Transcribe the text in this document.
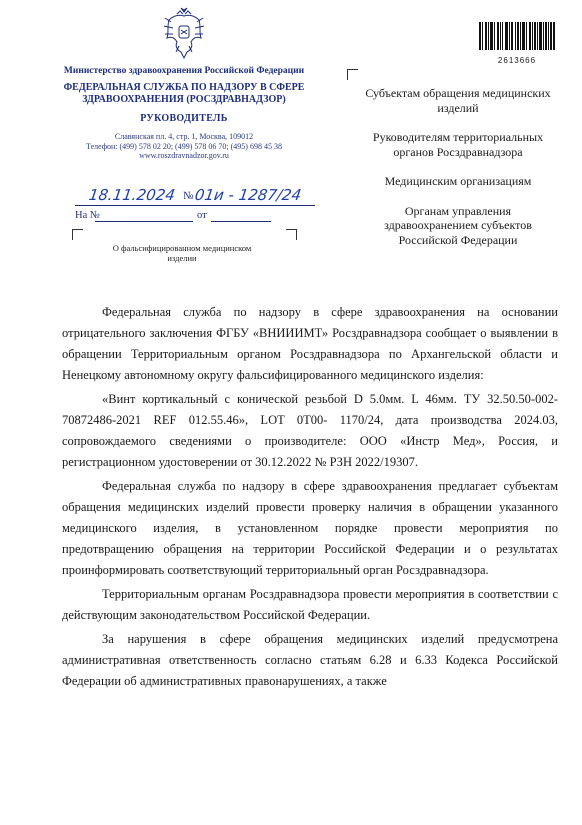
2613666
Министерство здравоохранения Российской Федерации
ФЕДЕРАЛЬНАЯ СЛУЖБА ПО НАДЗОРУ В СФЕРЕ ЗДРАВООХРАНЕНИЯ (РОСЗДРАВНАДЗОР)
РУКОВОДИТЕЛЬ
Славянская пл. 4, стр. 1, Москва, 109012
Телефон: (499) 578 02 20; (499) 578 06 70; (495) 698 45 38
www.roszdravnadzor.gov.ru
18.11.2024 № 01и - 1287/24
На №	от
О фальсифицированном медицинском изделии

Субъектам обращения медицинских изделий

Руководителям территориальных органов Росздравнадзора

Медицинским организациям

Органам управления здравоохранением субъектов Российской Федерации

Федеральная служба по надзору в сфере здравоохранения на основании отрицательного заключения ФГБУ «ВНИИИМТ» Росздравнадзора сообщает о выявлении в обращении Территориальным органом Росздравнадзора по Архангельской области и Ненецкому автономному округу фальсифицированного медицинского изделия:

«Винт кортикальный с конической резьбой D 5.0мм. L 46мм. ТУ 32.50.50-002-70872486-2021 REF 012.55.46», LOT 0T00- 1170/24, дата производства 2024.03, сопровождаемого сведениями о производителе: ООО «Инстр Мед», Россия, и регистрационном удостоверении от 30.12.2022 № РЗН 2022/19307.

Федеральная служба по надзору в сфере здравоохранения предлагает субъектам обращения медицинских изделий провести проверку наличия в обращении указанного медицинского изделия, в установленном порядке провести мероприятия по предотвращению обращения на территории Российской Федерации и о результатах проинформировать соответствующий территориальный орган Росздравнадзора.

Территориальным органам Росздравнадзора провести мероприятия в соответствии с действующим законодательством Российской Федерации.

За нарушения в сфере обращения медицинских изделий предусмотрена административная ответственность согласно статьям 6.28 и 6.33 Кодекса Российской Федерации об административных правонарушениях, а также
